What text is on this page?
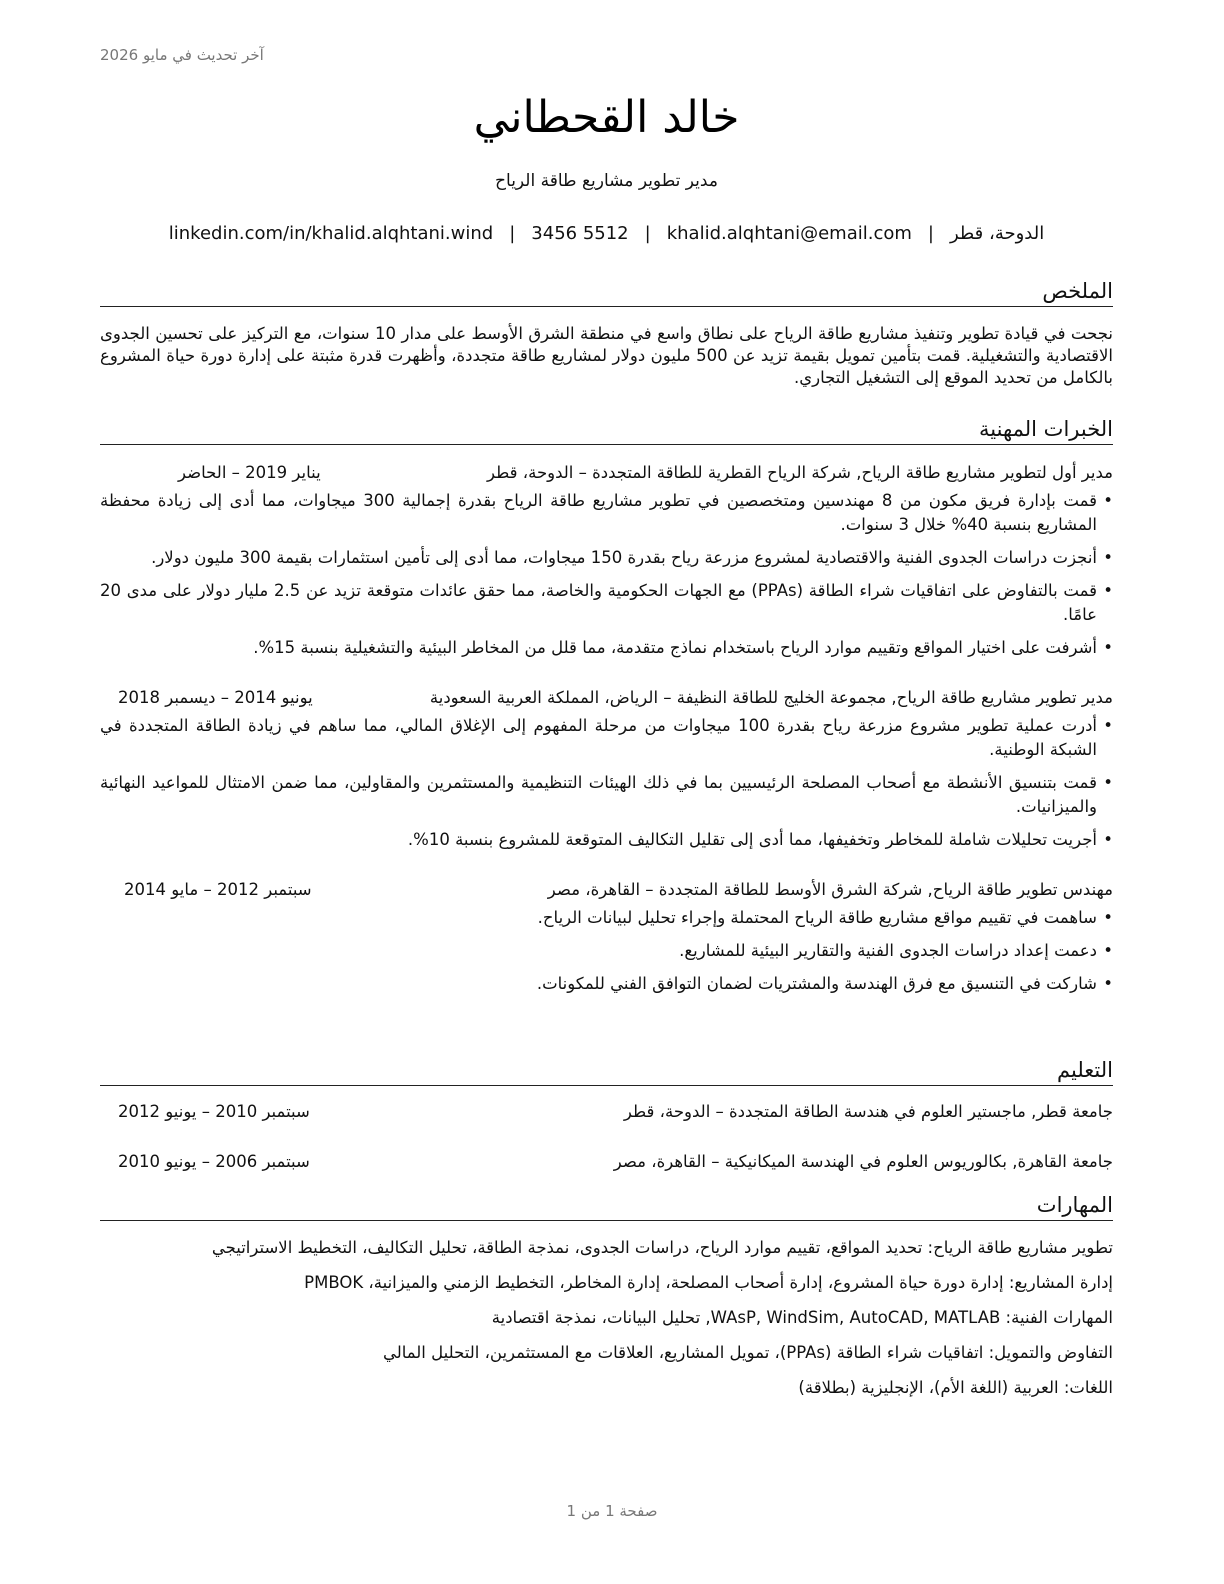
آخر تحديث في مايو 2026
خالد القحطاني
مدير تطوير مشاريع طاقة الرياح
الدوحة، قطر|khalid.alqhtani@email.com|3456 5512|linkedin.com/in/khalid.alqhtani.wind
الملخص
نجحت في قيادة تطوير وتنفيذ مشاريع طاقة الرياح على نطاق واسع في منطقة الشرق الأوسط على مدار 10 سنوات، مع التركيز على تحسين الجدوى الاقتصادية والتشغيلية. قمت بتأمين تمويل بقيمة تزيد عن 500 مليون دولار لمشاريع طاقة متجددة، وأظهرت قدرة مثبتة على إدارة دورة حياة المشروع بالكامل من تحديد الموقع إلى التشغيل التجاري.
الخبرات المهنية
مدير أول لتطوير مشاريع طاقة الرياح, شركة الرياح القطرية للطاقة المتجددة – الدوحة، قطر
يناير 2019 – الحاضر
• قمت بإدارة فريق مكون من 8 مهندسين ومتخصصين في تطوير مشاريع طاقة الرياح بقدرة إجمالية 300 ميجاوات، مما أدى إلى زيادة محفظة المشاريع بنسبة 40% خلال 3 سنوات.
• أنجزت دراسات الجدوى الفنية والاقتصادية لمشروع مزرعة رياح بقدرة 150 ميجاوات، مما أدى إلى تأمين استثمارات بقيمة 300 مليون دولار.
• قمت بالتفاوض على اتفاقيات شراء الطاقة (PPAs) مع الجهات الحكومية والخاصة، مما حقق عائدات متوقعة تزيد عن 2.5 مليار دولار على مدى 20 عامًا.
• أشرفت على اختيار المواقع وتقييم موارد الرياح باستخدام نماذج متقدمة، مما قلل من المخاطر البيئية والتشغيلية بنسبة 15%.
مدير تطوير مشاريع طاقة الرياح, مجموعة الخليج للطاقة النظيفة – الرياض، المملكة العربية السعودية
يونيو 2014 – ديسمبر 2018
• أدرت عملية تطوير مشروع مزرعة رياح بقدرة 100 ميجاوات من مرحلة المفهوم إلى الإغلاق المالي، مما ساهم في زيادة الطاقة المتجددة في الشبكة الوطنية.
• قمت بتنسيق الأنشطة مع أصحاب المصلحة الرئيسيين بما في ذلك الهيئات التنظيمية والمستثمرين والمقاولين، مما ضمن الامتثال للمواعيد النهائية والميزانيات.
• أجريت تحليلات شاملة للمخاطر وتخفيفها، مما أدى إلى تقليل التكاليف المتوقعة للمشروع بنسبة 10%.
مهندس تطوير طاقة الرياح, شركة الشرق الأوسط للطاقة المتجددة – القاهرة، مصر
سبتمبر 2012 – مايو 2014
• ساهمت في تقييم مواقع مشاريع طاقة الرياح المحتملة وإجراء تحليل لبيانات الرياح.
• دعمت إعداد دراسات الجدوى الفنية والتقارير البيئية للمشاريع.
• شاركت في التنسيق مع فرق الهندسة والمشتريات لضمان التوافق الفني للمكونات.
التعليم
جامعة قطر, ماجستير العلوم في هندسة الطاقة المتجددة – الدوحة، قطر
سبتمبر 2010 – يونيو 2012
جامعة القاهرة, بكالوريوس العلوم في الهندسة الميكانيكية – القاهرة، مصر
سبتمبر 2006 – يونيو 2010
المهارات
تطوير مشاريع طاقة الرياح: تحديد المواقع، تقييم موارد الرياح، دراسات الجدوى، نمذجة الطاقة، تحليل التكاليف، التخطيط الاستراتيجي
إدارة المشاريع: إدارة دورة حياة المشروع، إدارة أصحاب المصلحة، إدارة المخاطر، التخطيط الزمني والميزانية، PMBOK
المهارات الفنية: WAsP, WindSim, AutoCAD, MATLAB, تحليل البيانات، نمذجة اقتصادية
التفاوض والتمويل: اتفاقيات شراء الطاقة (PPAs)، تمويل المشاريع، العلاقات مع المستثمرين، التحليل المالي
اللغات: العربية (اللغة الأم)، الإنجليزية (بطلاقة)
صفحة 1 من 1
